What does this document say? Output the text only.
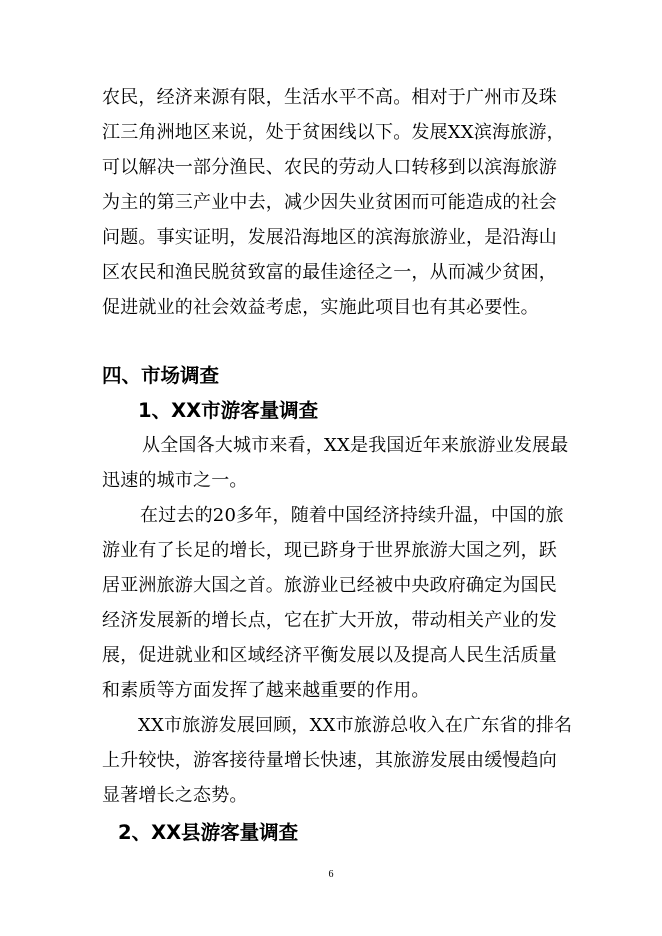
农民，经济来源有限，生活水平不高。相对于广州市及珠
江三角洲地区来说，处于贫困线以下。发展XX滨海旅游，
可以解决一部分渔民、农民的劳动人口转移到以滨海旅游
为主的第三产业中去，减少因失业贫困而可能造成的社会
问题。事实证明，发展沿海地区的滨海旅游业，是沿海山
区农民和渔民脱贫致富的最佳途径之一，从而减少贫困，
促进就业的社会效益考虑，实施此项目也有其必要性。
四、市场调查
1、XX市游客量调查
从全国各大城市来看，XX是我国近年来旅游业发展最
迅速的城市之一。
在过去的20多年，随着中国经济持续升温，中国的旅
游业有了长足的增长，现已跻身于世界旅游大国之列，跃
居亚洲旅游大国之首。旅游业已经被中央政府确定为国民
经济发展新的增长点，它在扩大开放，带动相关产业的发
展，促进就业和区域经济平衡发展以及提高人民生活质量
和素质等方面发挥了越来越重要的作用。
XX市旅游发展回顾，XX市旅游总收入在广东省的排名
上升较快，游客接待量增长快速，其旅游发展由缓慢趋向
显著增长之态势。
2、XX县游客量调查
6
